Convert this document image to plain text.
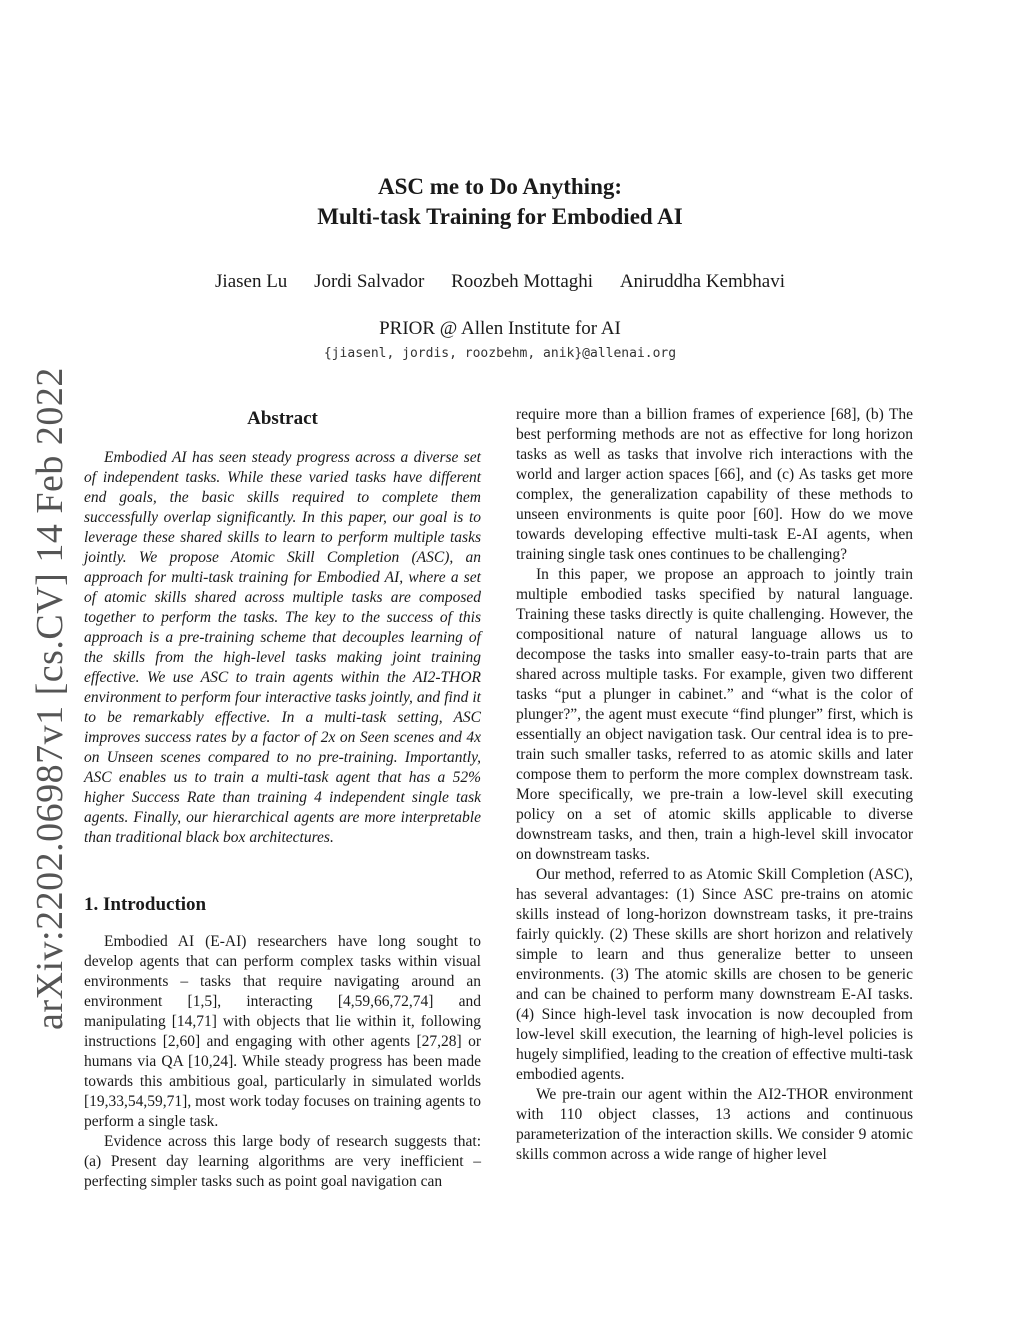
arXiv:2202.06987v1 [cs.CV] 14 Feb 2022
ASC me to Do Anything:
Multi-task Training for Embodied AI
Jiasen Lu Jordi Salvador Roozbeh Mottaghi Aniruddha Kembhavi
PRIOR @ Allen Institute for AI
{jiasenl, jordis, roozbehm, anik}@allenai.org
Abstract

Embodied AI has seen steady progress across a diverse set of independent tasks. While these varied tasks have different end goals, the basic skills required to complete them successfully overlap significantly. In this paper, our goal is to leverage these shared skills to learn to perform multiple tasks jointly. We propose Atomic Skill Completion (ASC), an approach for multi-task training for Embodied AI, where a set of atomic skills shared across multiple tasks are composed together to perform the tasks. The key to the success of this approach is a pre-training scheme that decouples learning of the skills from the high-level tasks making joint training effective. We use ASC to train agents within the AI2-THOR environment to perform four interactive tasks jointly, and find it to be remarkably effective. In a multi-task setting, ASC improves success rates by a factor of 2x on Seen scenes and 4x on Unseen scenes compared to no pre-training. Importantly, ASC enables us to train a multi-task agent that has a 52% higher Success Rate than training 4 independent single task agents. Finally, our hierarchical agents are more interpretable than traditional black box architectures.

1. Introduction

Embodied AI (E-AI) researchers have long sought to develop agents that can perform complex tasks within visual environments – tasks that require navigating around an environment [1,5], interacting [4,59,66,72,74] and manipulating [14,71] with objects that lie within it, following instructions [2,60] and engaging with other agents [27,28] or humans via QA [10,24]. While steady progress has been made towards this ambitious goal, particularly in simulated worlds [19,33,54,59,71], most work today focuses on training agents to perform a single task.

Evidence across this large body of research suggests that: (a) Present day learning algorithms are very inefficient – perfecting simpler tasks such as point goal navigation can

require more than a billion frames of experience [68], (b) The best performing methods are not as effective for long horizon tasks as well as tasks that involve rich interactions with the world and larger action spaces [66], and (c) As tasks get more complex, the generalization capability of these methods to unseen environments is quite poor [60]. How do we move towards developing effective multi-task E-AI agents, when training single task ones continues to be challenging?

In this paper, we propose an approach to jointly train multiple embodied tasks specified by natural language. Training these tasks directly is quite challenging. However, the compositional nature of natural language allows us to decompose the tasks into smaller easy-to-train parts that are shared across multiple tasks. For example, given two different tasks “put a plunger in cabinet.” and “what is the color of plunger?”, the agent must execute “find plunger” first, which is essentially an object navigation task. Our central idea is to pre-train such smaller tasks, referred to as atomic skills and later compose them to perform the more complex downstream task. More specifically, we pre-train a low-level skill executing policy on a set of atomic skills applicable to diverse downstream tasks, and then, train a high-level skill invocator on downstream tasks.

Our method, referred to as Atomic Skill Completion (ASC), has several advantages: (1) Since ASC pre-trains on atomic skills instead of long-horizon downstream tasks, it pre-trains fairly quickly. (2) These skills are short horizon and relatively simple to learn and thus generalize better to unseen environments. (3) The atomic skills are chosen to be generic and can be chained to perform many downstream E-AI tasks. (4) Since high-level task invocation is now decoupled from low-level skill execution, the learning of high-level policies is hugely simplified, leading to the creation of effective multi-task embodied agents.

We pre-train our agent within the AI2-THOR environment with 110 object classes, 13 actions and continuous parameterization of the interaction skills. We consider 9 atomic skills common across a wide range of higher level
